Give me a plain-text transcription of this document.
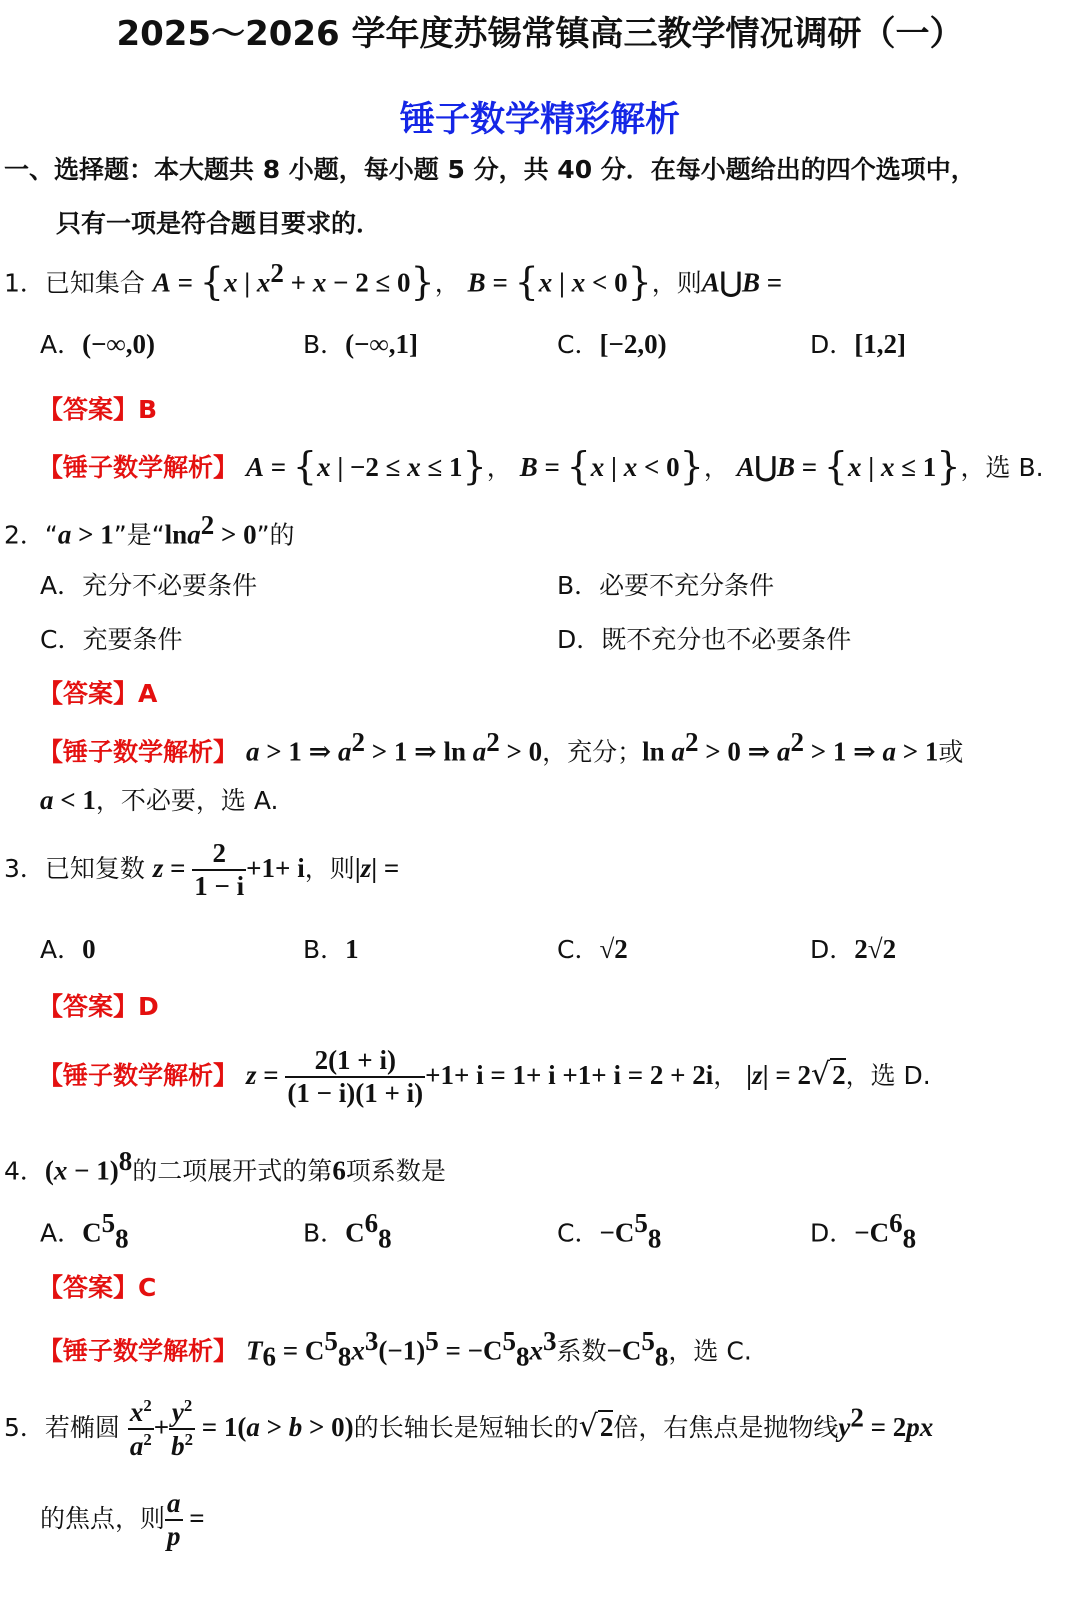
2025～2026 学年度苏锡常镇高三教学情况调研（一）
锤子数学精彩解析
一、选择题：本大题共 8 小题，每小题 5 分，共 40 分．在每小题给出的四个选项中，
只有一项是符合题目要求的．
1．已知集合 A = {x | $x^2 + x - 2 \le 0$}， B = {x | x < 0}，则A⋃B =
A．(−∞,0)	B．(−∞,1]	C．[−2,0)	D．[1,2]
【答案】B
【锤子数学解析】 A = {x | −2 ≤ x ≤ 1}， B = {x | x < 0}， A⋃B = {x | x ≤ 1}，选 B.
2．“a > 1”是“lna$^2$ > 0”的
A．充分不必要条件	B．必要不充分条件
C．充要条件	D．既不充分也不必要条件
【答案】A
【锤子数学解析】 a > 1 ⇒ $a^2 > 1$ ⇒ $\ln a^2 > 0$，充分；$\ln a^2 > 0$ ⇒ $a^2 > 1$ ⇒ a > 1或
a < 1，不必要，选 A.
3．已知复数 $z = \frac{2}{1 - i} +1+ i$，则|z| =
A．0	B．1	C．√2	D．2√2
【答案】D
【锤子数学解析】 $z = \frac{2(1 + i)}{(1 - i)(1 + i)} +1+ i = 1+ i +1+ i = 2 + 2i$， |z| = 2√2，选 D.
4．$(x - 1)^8$的二项展开式的第6项系数是
A．$C^5_8$	B．$C^6_8$	C．$-C^5_8$	D．$-C^6_8$
【答案】C
【锤子数学解析】 $T_6 = C^5_8x^3(-1)^5 = -C^5_8x^3$系数$-C^5_8$，选 C.
5．若椭圆 $\frac{x^2}{a^2} + \frac{y^2}{b^2} = 1(a > b > 0)$的长轴长是短轴长的√2倍，右焦点是抛物线$y^2 = 2px$
的焦点，则 $\frac{a}{p}$ =
